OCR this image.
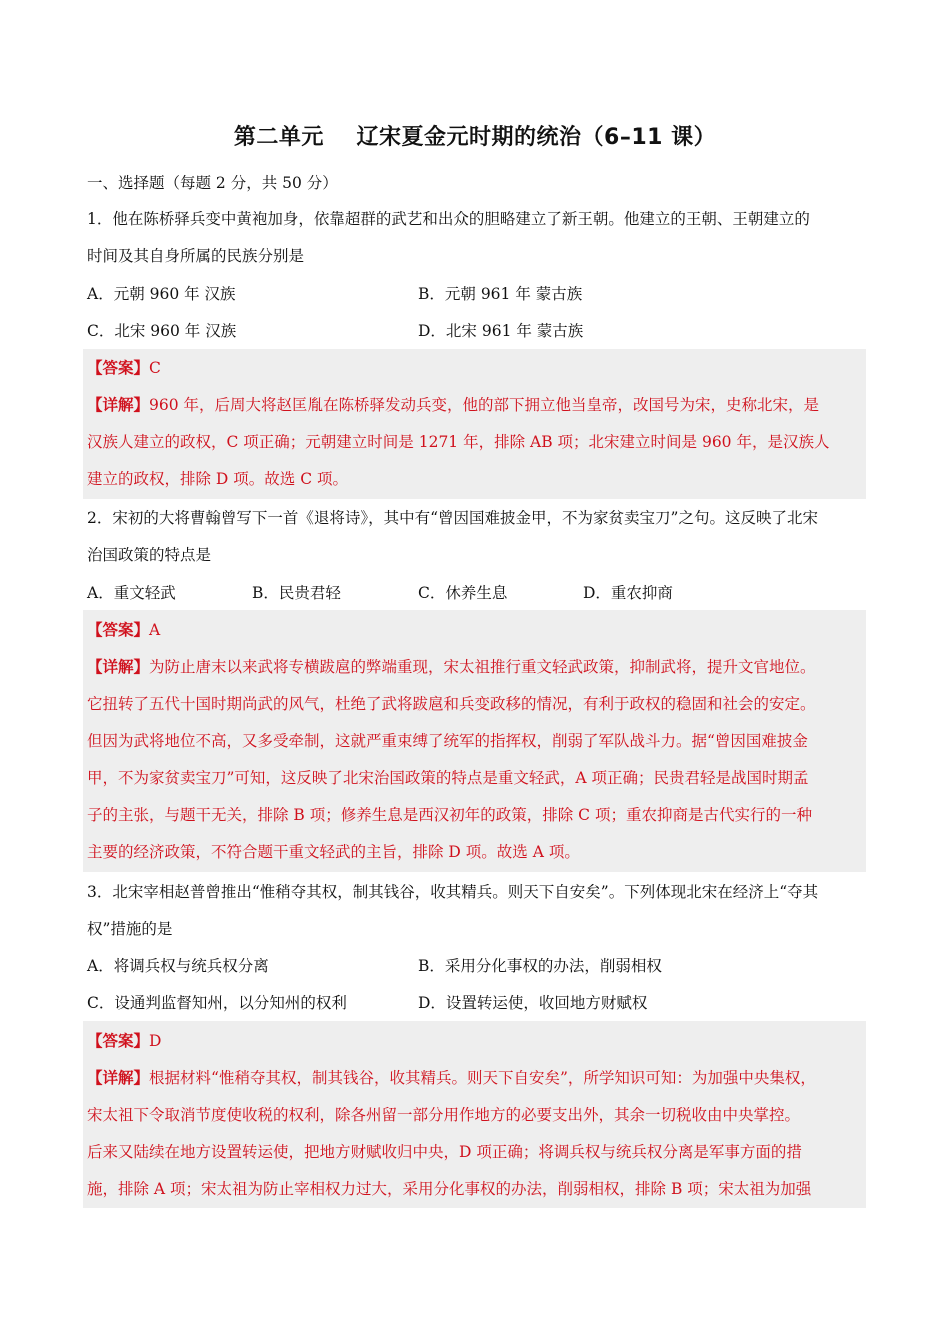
第二单元    辽宋夏金元时期的统治（6–11 课）
一、选择题（每题 2 分，共 50 分）
1．他在陈桥驿兵变中黄袍加身，依靠超群的武艺和出众的胆略建立了新王朝。他建立的王朝、王朝建立的
时间及其自身所属的民族分别是
A．元朝 960 年 汉族	B．元朝 961 年 蒙古族
C．北宋 960 年 汉族	D．北宋 961 年 蒙古族
【答案】C
【详解】960 年，后周大将赵匡胤在陈桥驿发动兵变，他的部下拥立他当皇帝，改国号为宋，史称北宋，是
汉族人建立的政权，C 项正确；元朝建立时间是 1271 年，排除 AB 项；北宋建立时间是 960 年，是汉族人
建立的政权，排除 D 项。故选 C 项。
2．宋初的大将曹翰曾写下一首《退将诗》，其中有“曾因国难披金甲，不为家贫卖宝刀”之句。这反映了北宋
治国政策的特点是
A．重文轻武	B．民贵君轻	C．休养生息	D．重农抑商
【答案】A
【详解】为防止唐末以来武将专横跋扈的弊端重现，宋太祖推行重文轻武政策，抑制武将，提升文官地位。
它扭转了五代十国时期尚武的风气，杜绝了武将跋扈和兵变政移的情况，有利于政权的稳固和社会的安定。
但因为武将地位不高，又多受牵制，这就严重束缚了统军的指挥权，削弱了军队战斗力。据“曾因国难披金
甲，不为家贫卖宝刀”可知，这反映了北宋治国政策的特点是重文轻武，A 项正确；民贵君轻是战国时期孟
子的主张，与题干无关，排除 B 项；修养生息是西汉初年的政策，排除 C 项；重农抑商是古代实行的一种
主要的经济政策，不符合题干重文轻武的主旨，排除 D 项。故选 A 项。
3．北宋宰相赵普曾推出“惟稍夺其权，制其钱谷，收其精兵。则天下自安矣”。下列体现北宋在经济上“夺其
权”措施的是
A．将调兵权与统兵权分离	B．采用分化事权的办法，削弱相权
C．设通判监督知州，以分知州的权利	D．设置转运使，收回地方财赋权
【答案】D
【详解】根据材料“惟稍夺其权，制其钱谷，收其精兵。则天下自安矣”，所学知识可知：为加强中央集权，
宋太祖下令取消节度使收税的权利，除各州留一部分用作地方的必要支出外，其余一切税收由中央掌控。
后来又陆续在地方设置转运使，把地方财赋收归中央，D 项正确；将调兵权与统兵权分离是军事方面的措
施，排除 A 项；宋太祖为防止宰相权力过大，采用分化事权的办法，削弱相权，排除 B 项；宋太祖为加强
